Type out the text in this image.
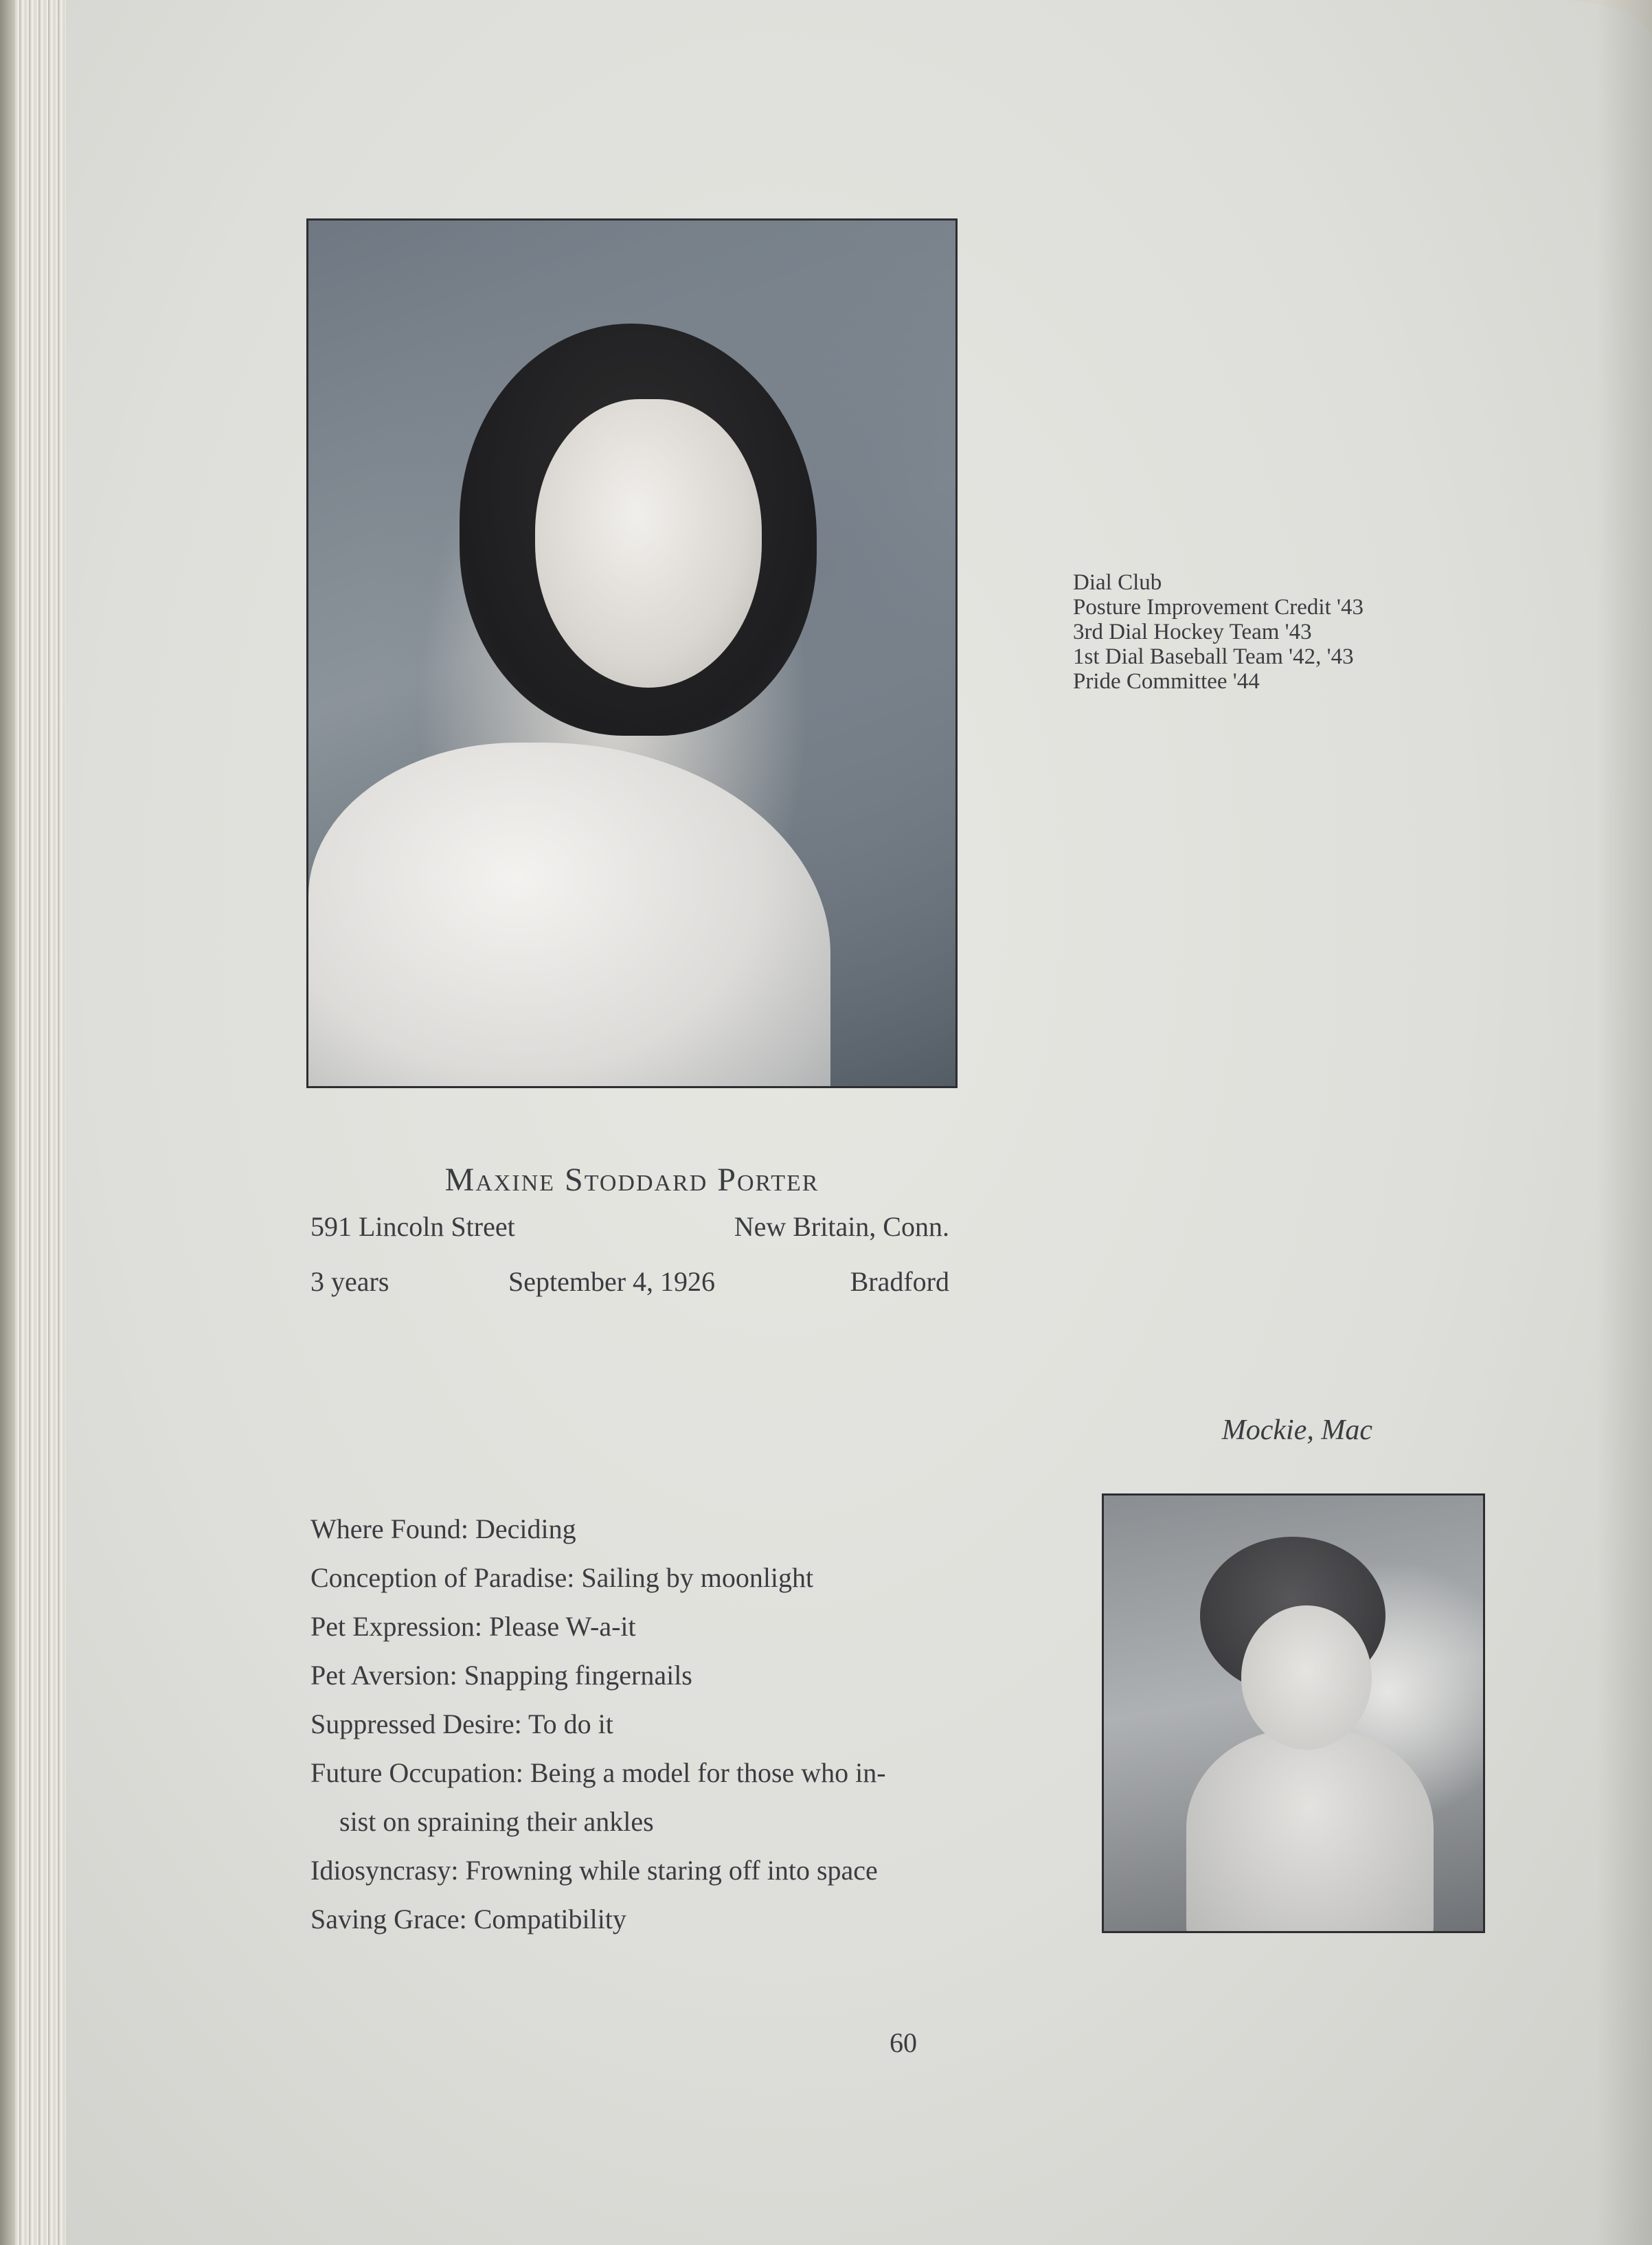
Dial Club
Posture Improvement Credit '43
3rd Dial Hockey Team '43
1st Dial Baseball Team '42, '43
Pride Committee '44
Maxine Stoddard Porter
591 Lincoln Street	New Britain, Conn.
3 years	September 4, 1926	Bradford
Mockie, Mac
Where Found: Deciding
Conception of Paradise: Sailing by moonlight
Pet Expression: Please W-a-it
Pet Aversion: Snapping fingernails
Suppressed Desire: To do it
Future Occupation: Being a model for those who in-
sist on spraining their ankles
Idiosyncrasy: Frowning while staring off into space
Saving Grace: Compatibility
60
